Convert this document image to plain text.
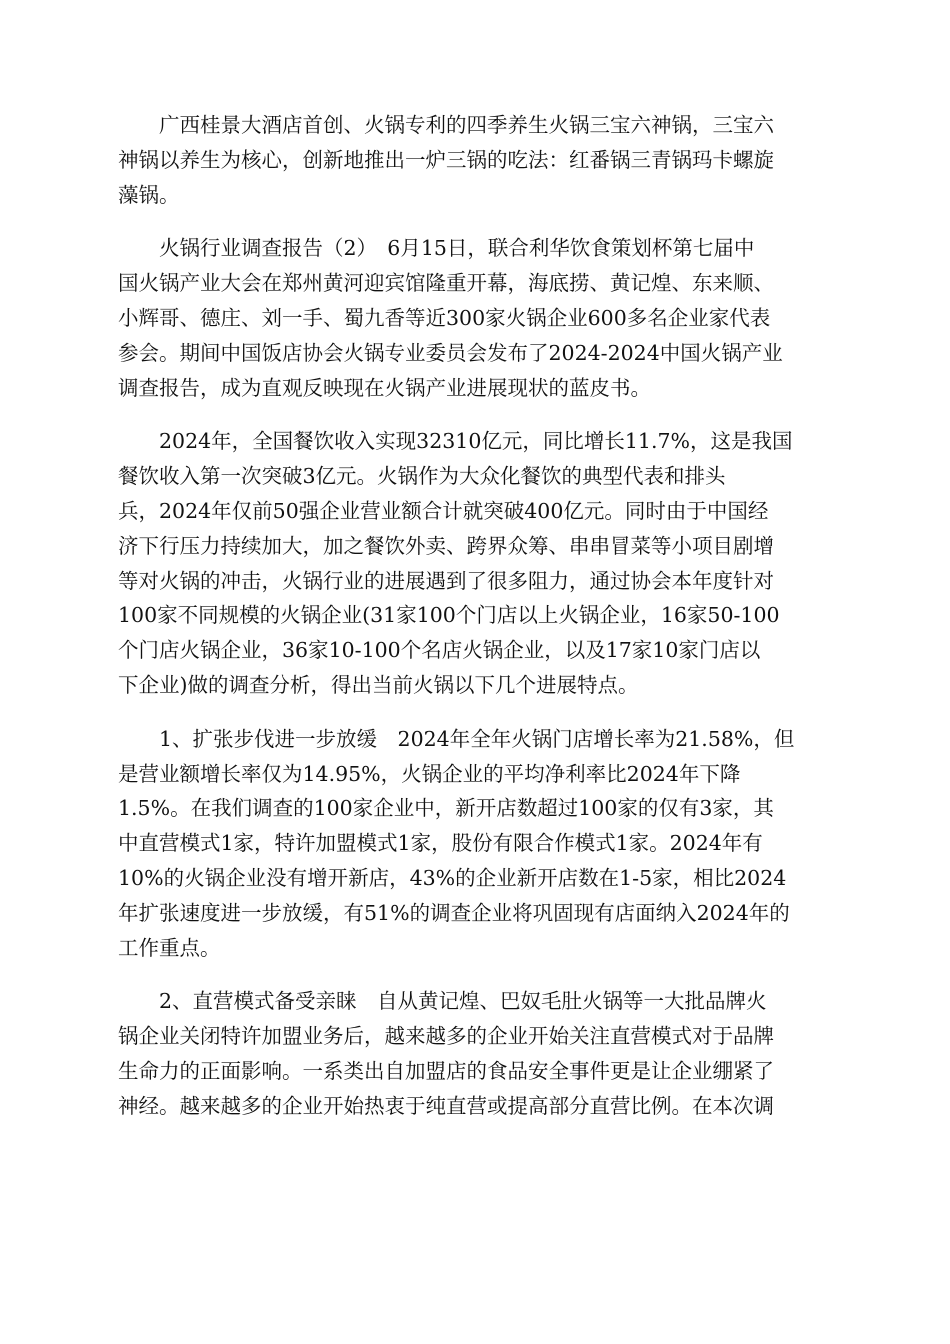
　　广西桂景大酒店首创、火锅专利的四季养生火锅三宝六神锅，三宝六
神锅以养生为核心，创新地推出一炉三锅的吃法：红番锅三青锅玛卡螺旋
藻锅。
　　火锅行业调查报告（2）　6月15日，联合利华饮食策划杯第七届中
国火锅产业大会在郑州黄河迎宾馆隆重开幕，海底捞、黄记煌、东来顺、
小辉哥、德庄、刘一手、蜀九香等近300家火锅企业600多名企业家代表
参会。期间中国饭店协会火锅专业委员会发布了2024-2024中国火锅产业
调查报告，成为直观反映现在火锅产业进展现状的蓝皮书。
　　2024年，全国餐饮收入实现32310亿元，同比增长11.7%，这是我国
餐饮收入第一次突破3亿元。火锅作为大众化餐饮的典型代表和排头
兵，2024年仅前50强企业营业额合计就突破400亿元。同时由于中国经
济下行压力持续加大，加之餐饮外卖、跨界众筹、串串冒菜等小项目剧增
等对火锅的冲击，火锅行业的进展遇到了很多阻力，通过协会本年度针对
100家不同规模的火锅企业(31家100个门店以上火锅企业，16家50-100
个门店火锅企业，36家10-100个名店火锅企业，以及17家10家门店以
下企业)做的调查分析，得出当前火锅以下几个进展特点。
　　1、扩张步伐进一步放缓　2024年全年火锅门店增长率为21.58%，但
是营业额增长率仅为14.95%，火锅企业的平均净利率比2024年下降
1.5%。在我们调查的100家企业中，新开店数超过100家的仅有3家，其
中直营模式1家，特许加盟模式1家，股份有限合作模式1家。2024年有
10%的火锅企业没有增开新店，43%的企业新开店数在1-5家，相比2024
年扩张速度进一步放缓，有51%的调查企业将巩固现有店面纳入2024年的
工作重点。
　　2、直营模式备受亲睐　自从黄记煌、巴奴毛肚火锅等一大批品牌火
锅企业关闭特许加盟业务后，越来越多的企业开始关注直营模式对于品牌
生命力的正面影响。一系类出自加盟店的食品安全事件更是让企业绷紧了
神经。越来越多的企业开始热衷于纯直营或提高部分直营比例。在本次调
